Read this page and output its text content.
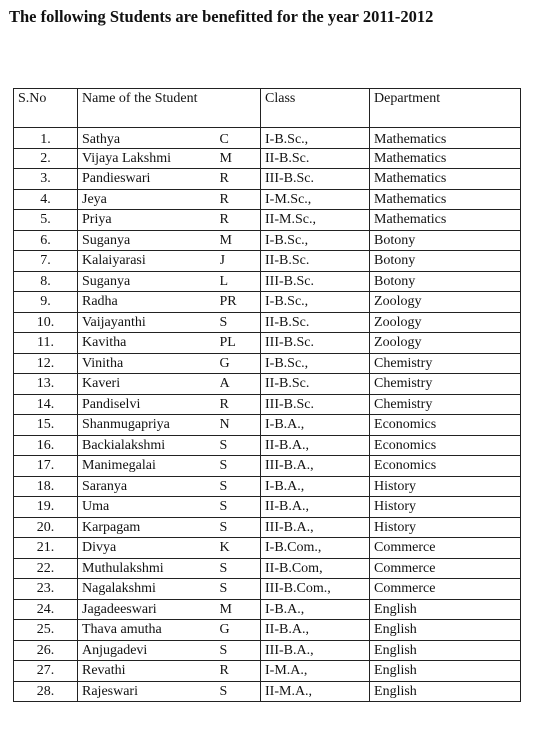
The following Students are benefitted for the year 2011-2012
S.No	Name of the Student		Class	Department
1.	Sathya	C	I-B.Sc.,	Mathematics
2.	Vijaya Lakshmi	M	II-B.Sc.	Mathematics
3.	Pandieswari	R	III-B.Sc.	Mathematics
4.	Jeya	R	I-M.Sc.,	Mathematics
5.	Priya	R	II-M.Sc.,	Mathematics
6.	Suganya	M	I-B.Sc.,	Botony
7.	Kalaiyarasi	J	II-B.Sc.	Botony
8.	Suganya	L	III-B.Sc.	Botony
9.	Radha	PR	I-B.Sc.,	Zoology
10.	Vaijayanthi	S	II-B.Sc.	Zoology
11.	Kavitha	PL	III-B.Sc.	Zoology
12.	Vinitha	G	I-B.Sc.,	Chemistry
13.	Kaveri	A	II-B.Sc.	Chemistry
14.	Pandiselvi	R	III-B.Sc.	Chemistry
15.	Shanmugapriya	N	I-B.A.,	Economics
16.	Backialakshmi	S	II-B.A.,	Economics
17.	Manimegalai	S	III-B.A.,	Economics
18.	Saranya	S	I-B.A.,	History
19.	Uma	S	II-B.A.,	History
20.	Karpagam	S	III-B.A.,	History
21.	Divya	K	I-B.Com.,	Commerce
22.	Muthulakshmi	S	II-B.Com,	Commerce
23.	Nagalakshmi	S	III-B.Com.,	Commerce
24.	Jagadeeswari	M	I-B.A.,	English
25.	Thava amutha	G	II-B.A.,	English
26.	Anjugadevi	S	III-B.A.,	English
27.	Revathi	R	I-M.A.,	English
28.	Rajeswari	S	II-M.A.,	English
